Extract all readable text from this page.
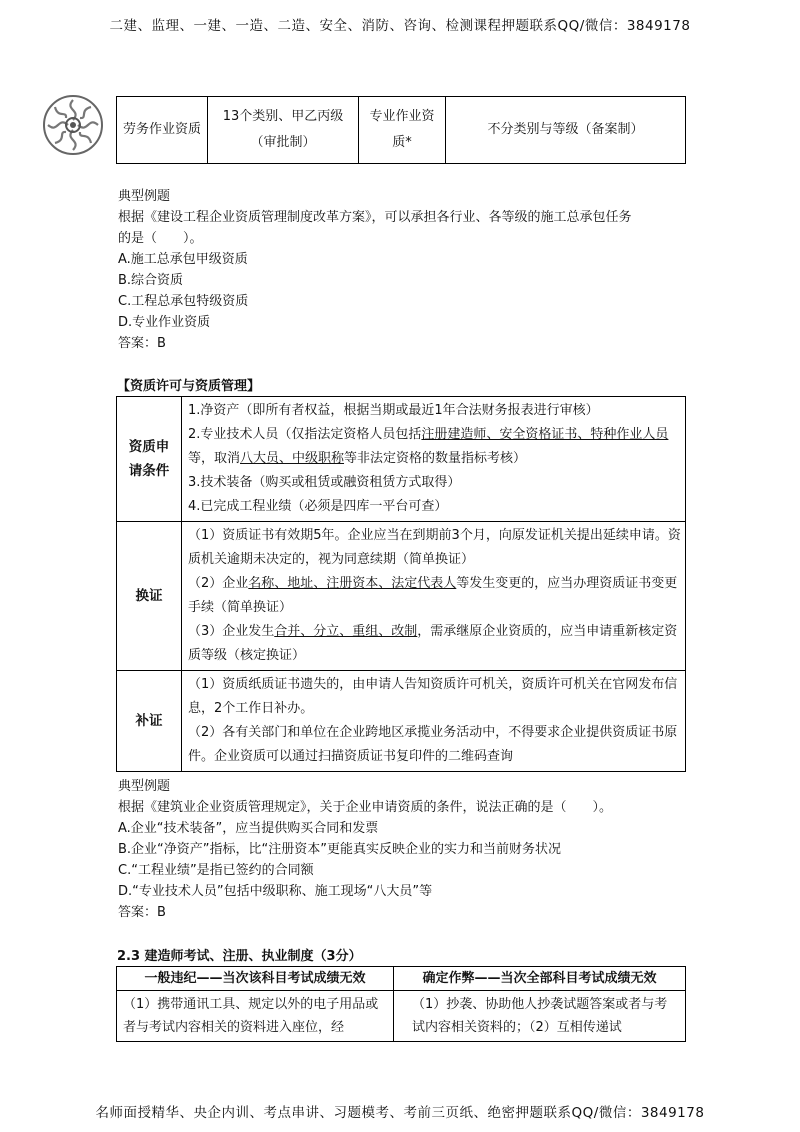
二建、监理、一建、一造、二造、安全、消防、咨询、检测课程押题联系QQ/微信：3849178
劳务作业资质	13个类别、甲乙丙级（审批制）	专业作业资质*	不分类别与等级（备案制）
典型例题
根据《建设工程企业资质管理制度改革方案》，可以承担各行业、各等级的施工总承包任务
的是（　　）。
A.施工总承包甲级资质
B.综合资质
C.工程总承包特级资质
D.专业作业资质
答案：B
【资质许可与资质管理】
资质申请条件	1.净资产（即所有者权益，根据当期或最近1年合法财务报表进行审核）
2.专业技术人员（仅指法定资格人员包括注册建造师、安全资格证书、特种作业人员等，取消八大员、中级职称等非法定资格的数量指标考核）
3.技术装备（购买或租赁或融资租赁方式取得）
4.已完成工程业绩（必须是四库一平台可查）

换证	（1）资质证书有效期5年。企业应当在到期前3个月，向原发证机关提出延续申请。资质机关逾期未决定的，视为同意续期（简单换证）
（2）企业名称、地址、注册资本、法定代表人等发生变更的，应当办理资质证书变更手续（简单换证）
（3）企业发生合并、分立、重组、改制，需承继原企业资质的，应当申请重新核定资质等级（核定换证）

补证	（1）资质纸质证书遗失的，由申请人告知资质许可机关，资质许可机关在官网发布信息，2个工作日补办。
（2）各有关部门和单位在企业跨地区承揽业务活动中，不得要求企业提供资质证书原件。企业资质可以通过扫描资质证书复印件的二维码查询
典型例题
根据《建筑业企业资质管理规定》，关于企业申请资质的条件，说法正确的是（　　）。
A.企业“技术装备”，应当提供购买合同和发票
B.企业“净资产”指标，比“注册资本”更能真实反映企业的实力和当前财务状况
C.“工程业绩”是指已签约的合同额
D.“专业技术人员”包括中级职称、施工现场“八大员”等
答案：B
2.3 建造师考试、注册、执业制度（3分）
一般违纪——当次该科目考试成绩无效	确定作弊——当次全部科目考试成绩无效
（1）携带通讯工具、规定以外的电子用品或者与考试内容相关的资料进入座位，经	（1）抄袭、协助他人抄袭试题答案或者与考试内容相关资料的；（2）互相传递试
名师面授精华、央企内训、考点串讲、习题模考、考前三页纸、绝密押题联系QQ/微信：3849178
